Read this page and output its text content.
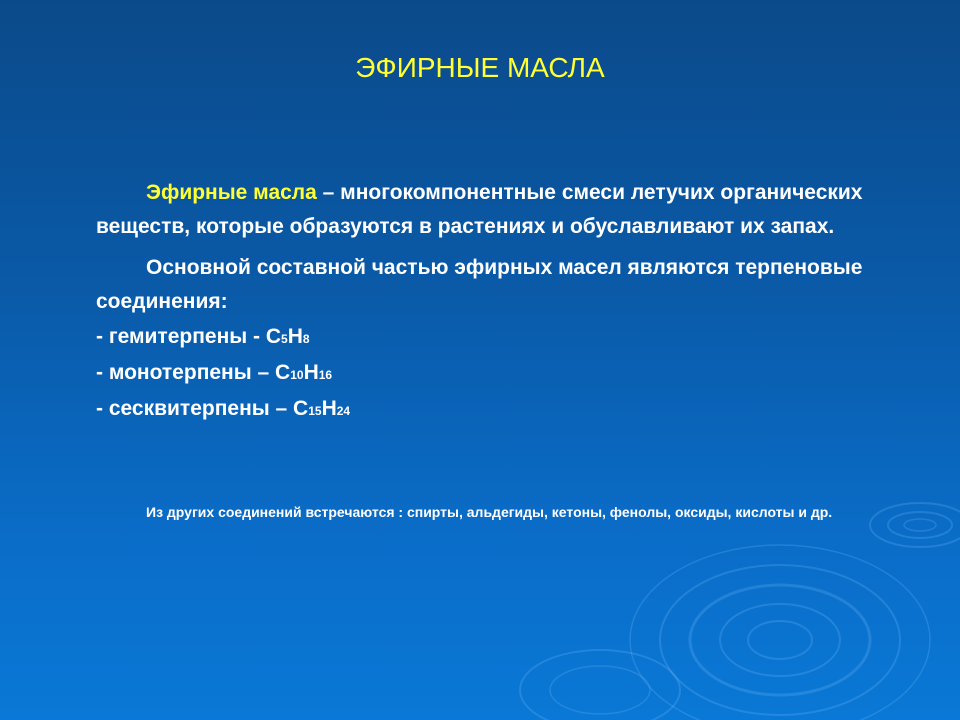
ЭФИРНЫЕ МАСЛА

Эфирные масла – многокомпонентные смеси летучих органических веществ, которые образуются в растениях и обуславливают их запах.

Основной составной частью эфирных масел являются терпеновые соединения:

- гемитерпены - C5H8

- монотерпены – C10H16

- сесквитерпены – C15H24

Из других соединений встречаются : спирты, альдегиды, кетоны, фенолы, оксиды, кислоты и др.
